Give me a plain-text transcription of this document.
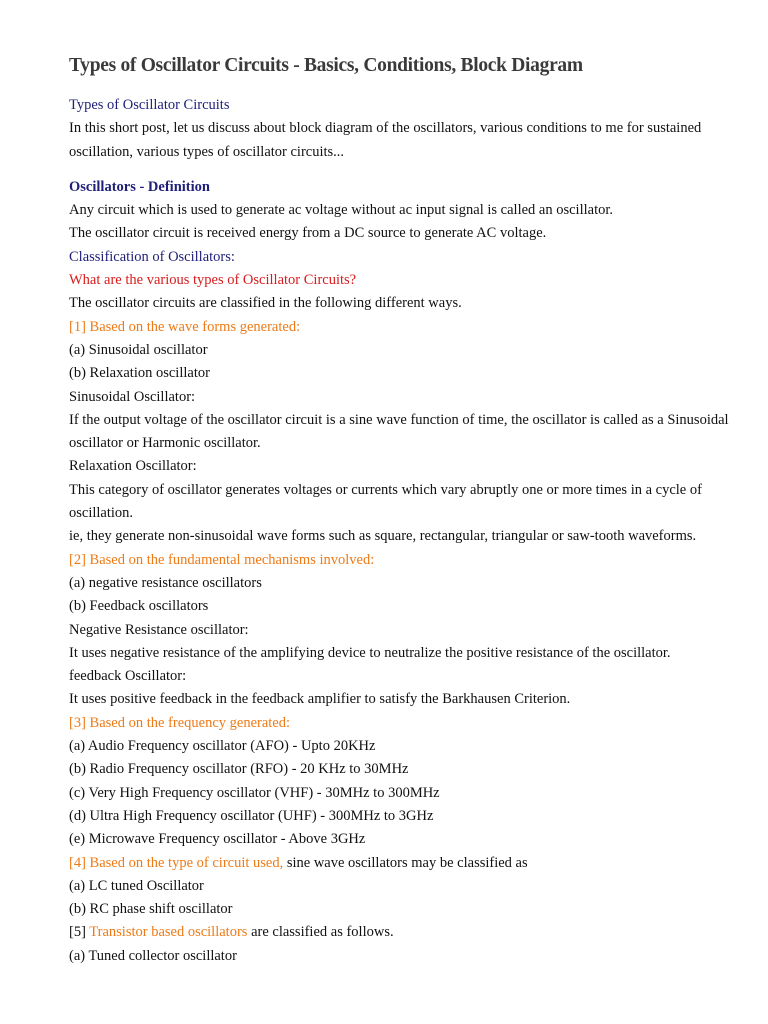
Types of Oscillator Circuits - Basics, Conditions, Block Diagram

Types of Oscillator Circuits

In this short post, let us discuss about block diagram of the oscillators, various conditions to me for sustained oscillation, various types of oscillator circuits...

Oscillators - Definition

Any circuit which is used to generate ac voltage without ac input signal is called an oscillator.

The oscillator circuit is received energy from a DC source to generate AC voltage.

Classification of Oscillators:

What are the various types of Oscillator Circuits?

The oscillator circuits are classified in the following different ways.

[1] Based on the wave forms generated:

(a) Sinusoidal oscillator

(b) Relaxation oscillator

Sinusoidal Oscillator:

If the output voltage of the oscillator circuit is a sine wave function of time, the oscillator is called as a Sinusoidal oscillator or Harmonic oscillator.

Relaxation Oscillator:

This category of oscillator generates voltages or currents which vary abruptly one or more times in a cycle of oscillation.

ie, they generate non-sinusoidal wave forms such as square, rectangular, triangular or saw-tooth waveforms.

[2] Based on the fundamental mechanisms involved:

(a) negative resistance oscillators

(b) Feedback oscillators

Negative Resistance oscillator:

It uses negative resistance of the amplifying device to neutralize the positive resistance of the oscillator.

feedback Oscillator:

It uses positive feedback in the feedback amplifier to satisfy the Barkhausen Criterion.

[3] Based on the frequency generated:

(a) Audio Frequency oscillator (AFO) - Upto 20KHz

(b) Radio Frequency oscillator (RFO) - 20 KHz to 30MHz

(c) Very High Frequency oscillator (VHF) - 30MHz to 300MHz

(d) Ultra High Frequency oscillator (UHF) - 300MHz to 3GHz

(e) Microwave Frequency oscillator - Above 3GHz

[4] Based on the type of circuit used, sine wave oscillators may be classified as

(a) LC tuned Oscillator

(b) RC phase shift oscillator

[5] Transistor based oscillators are classified as follows.

(a) Tuned collector oscillator
